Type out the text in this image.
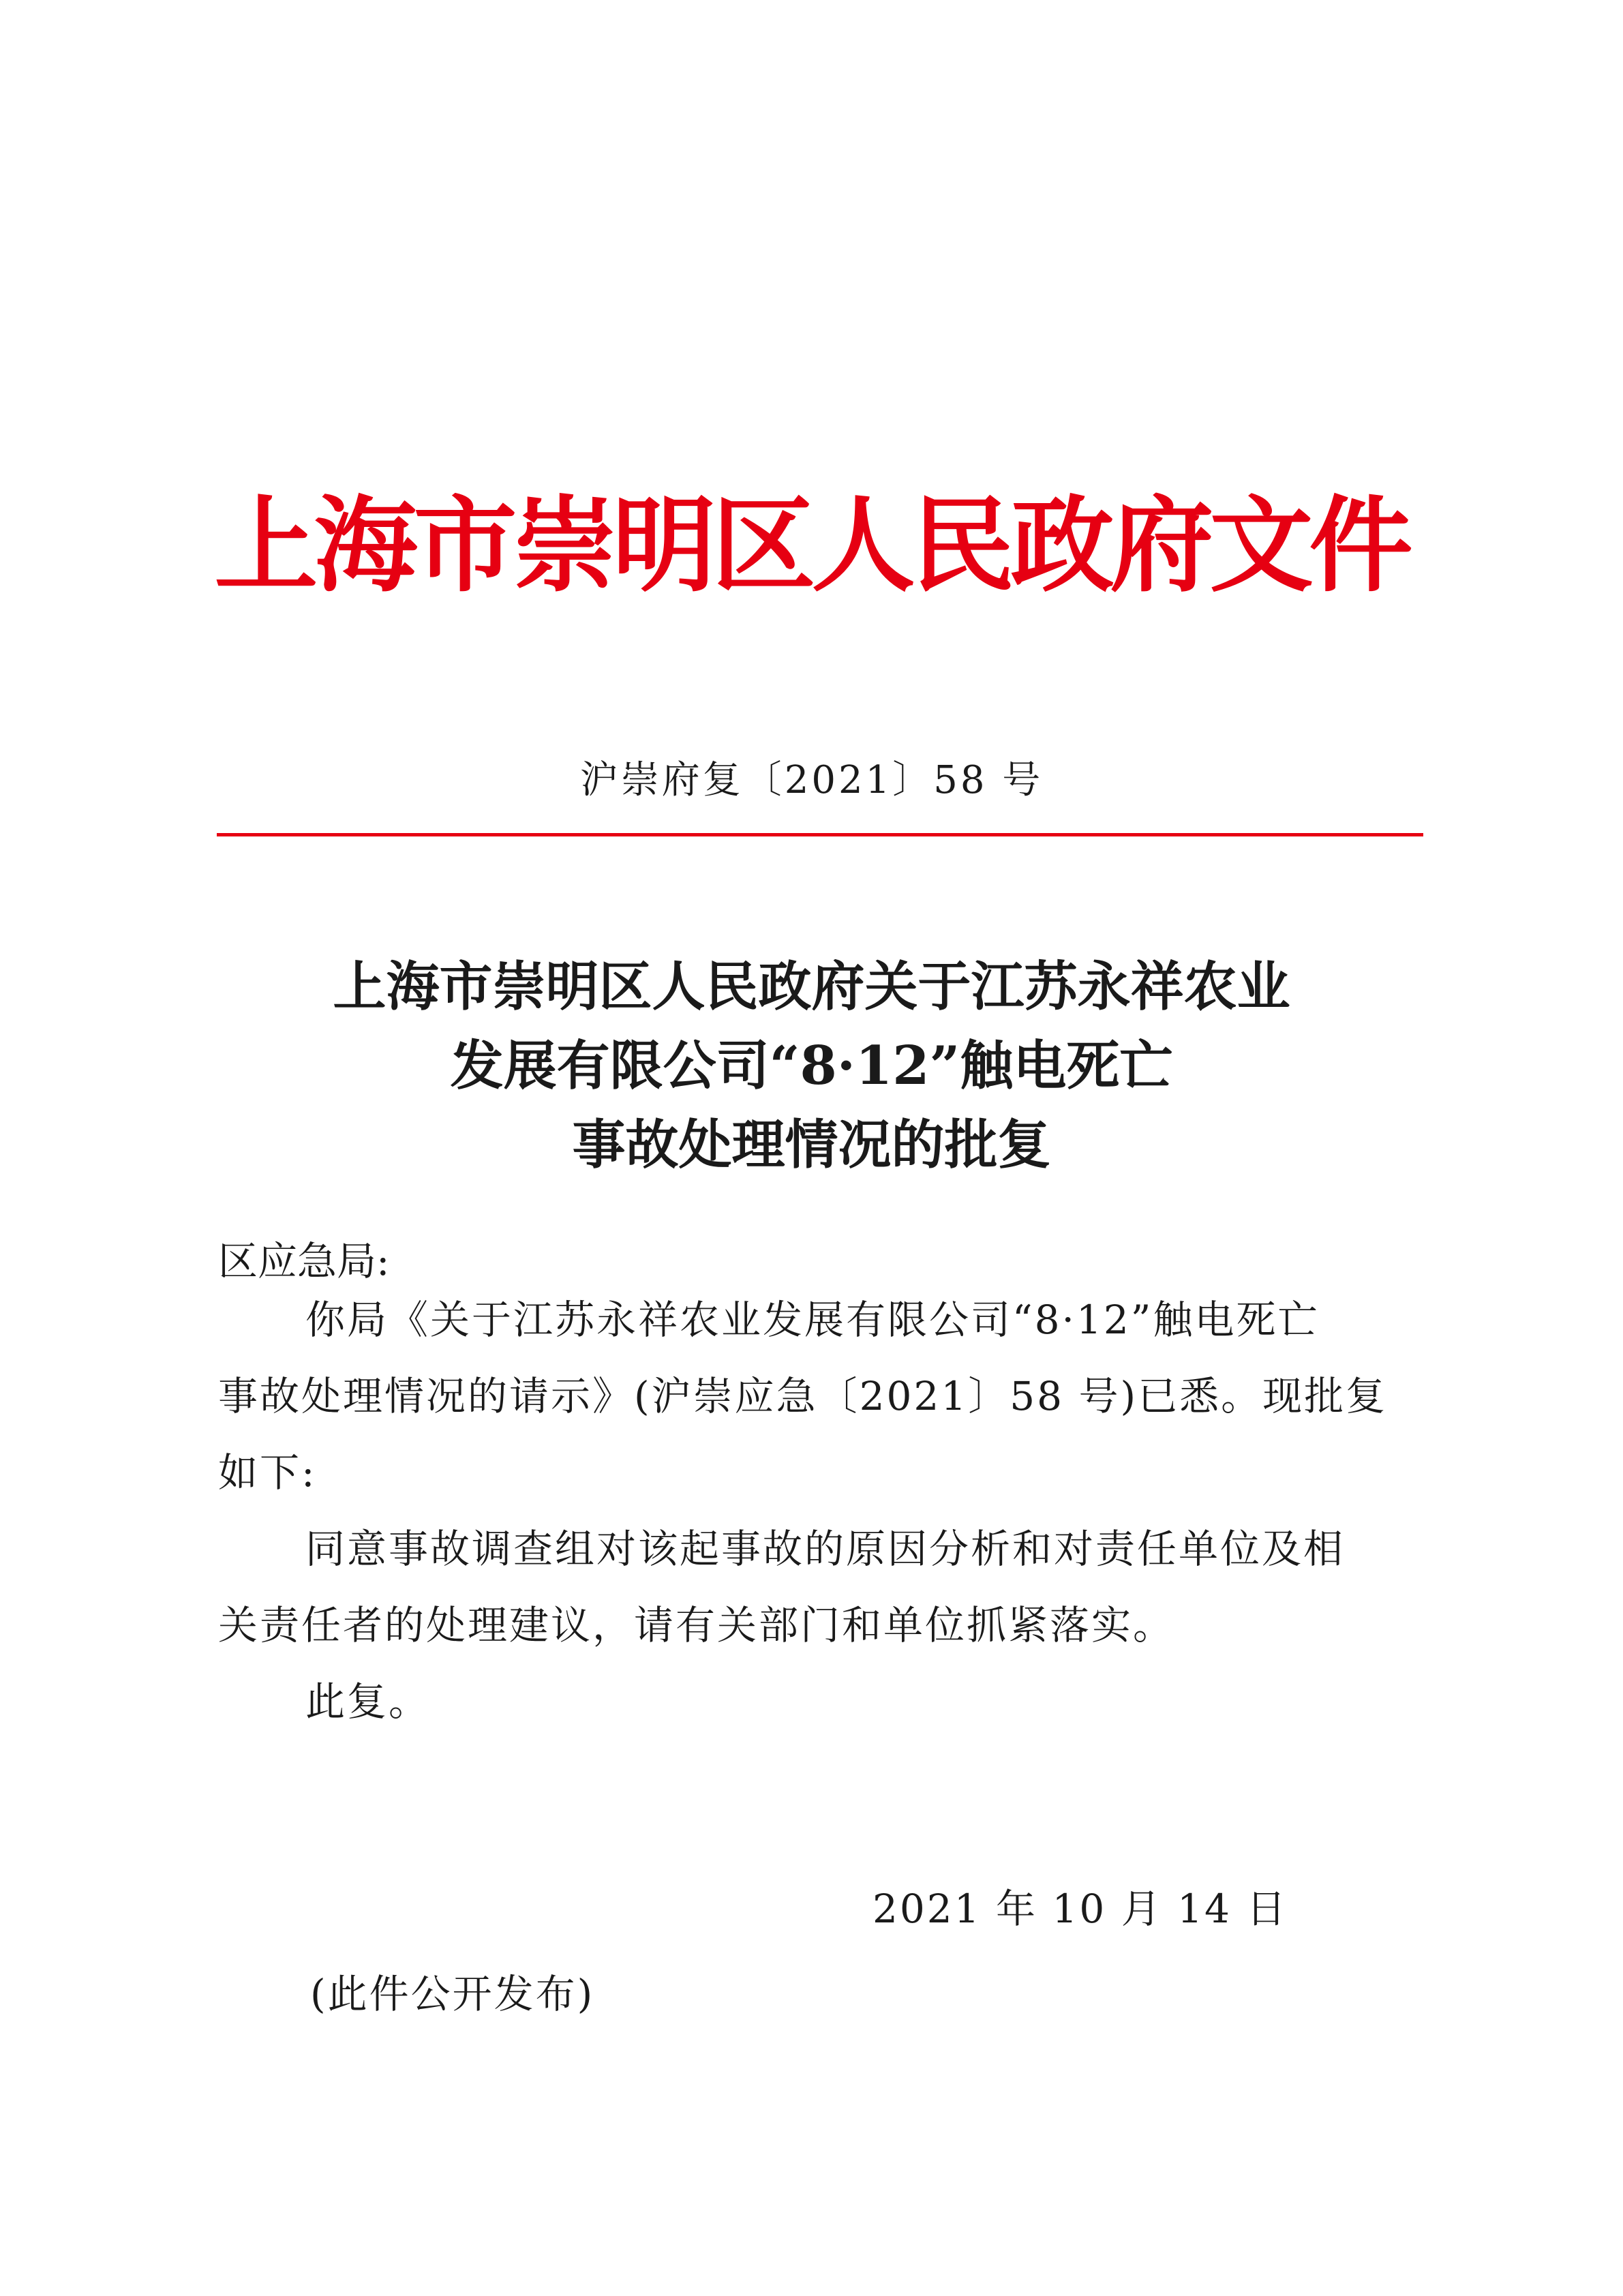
上海市崇明区人民政府文件
沪崇府复〔2021〕58 号
上海市崇明区人民政府关于江苏永祥农业
发展有限公司“8·12”触电死亡
事故处理情况的批复
区应急局:
你局《关于江苏永祥农业发展有限公司“8·12”触电死亡
事故处理情况的请示》(沪崇应急〔2021〕58 号)已悉。现批复
如下:
同意事故调查组对该起事故的原因分析和对责任单位及相
关责任者的处理建议，请有关部门和单位抓紧落实。
此复。
2021 年 10 月 14 日
(此件公开发布)
